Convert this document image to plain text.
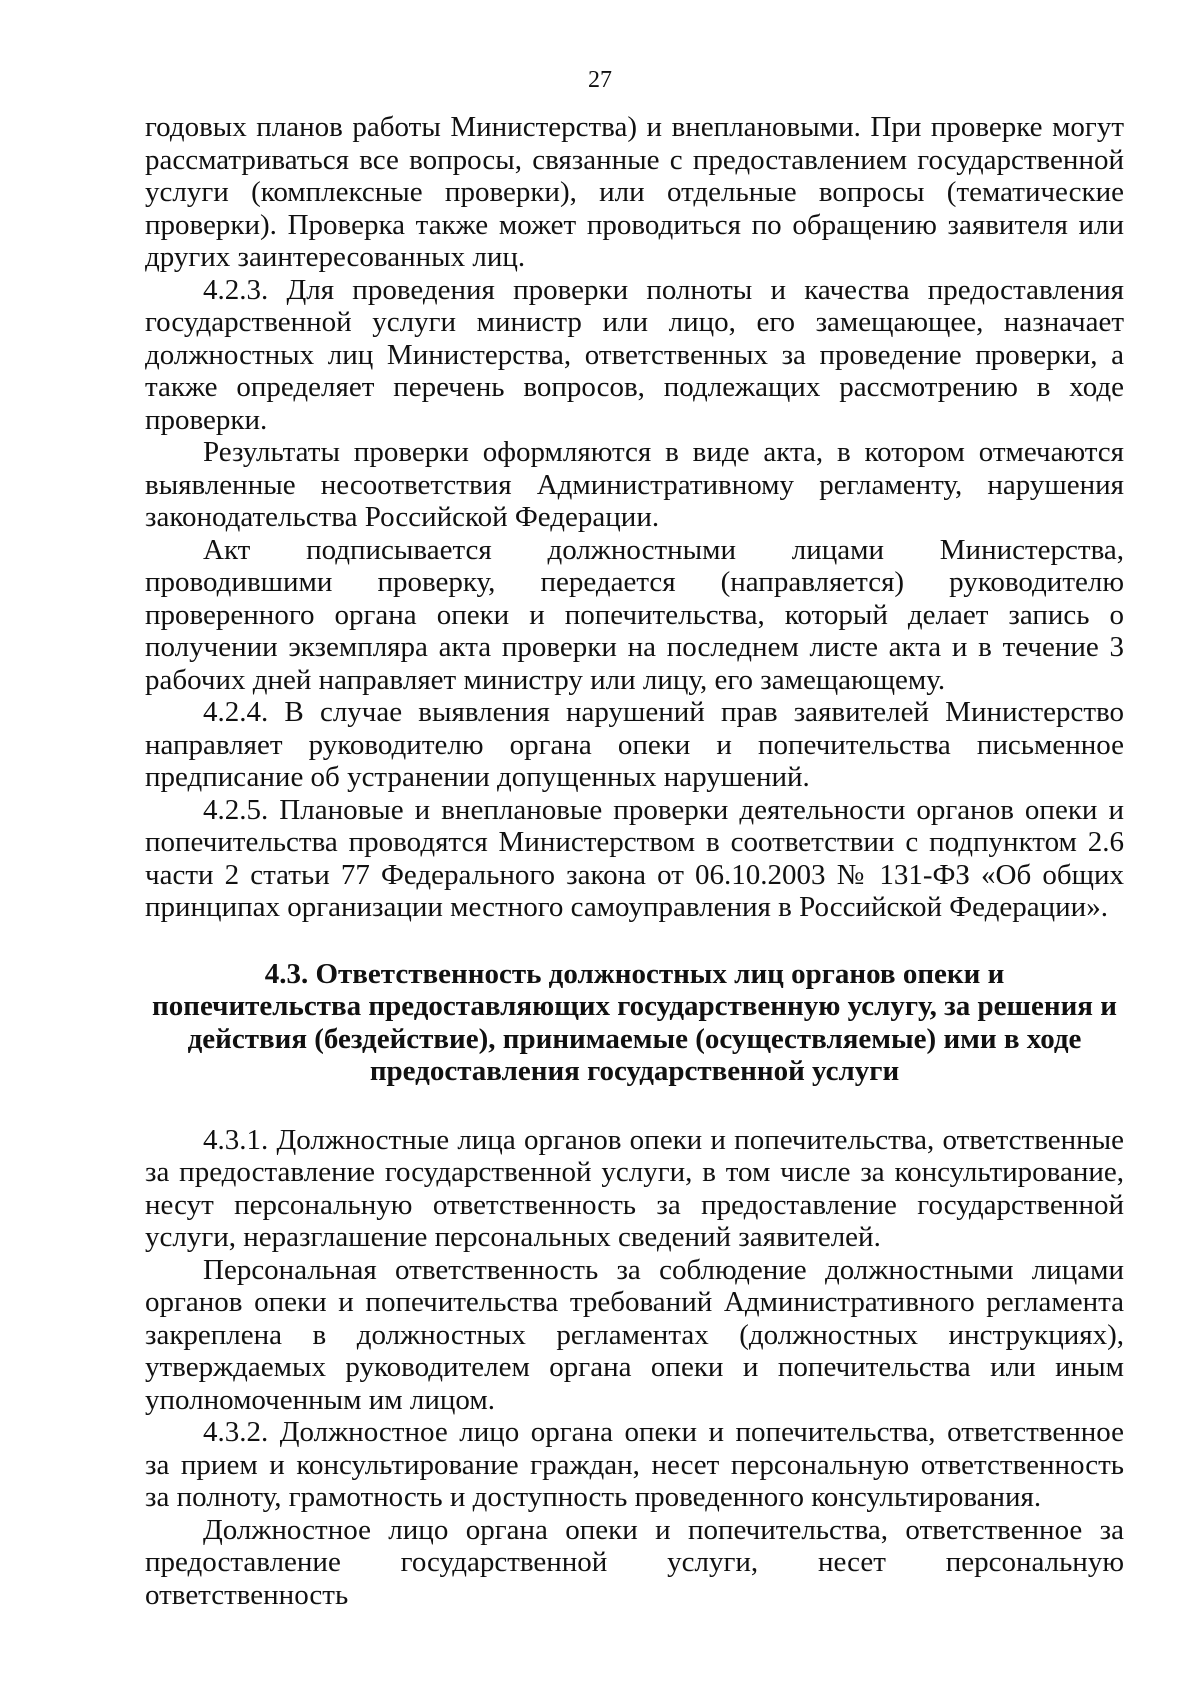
27

годовых планов работы Министерства) и внеплановыми. При проверке могут рассматриваться все вопросы, связанные с предоставлением государственной услуги (комплексные проверки), или отдельные вопросы (тематические проверки). Проверка также может проводиться по обращению заявителя или других заинтересованных лиц.

4.2.3. Для проведения проверки полноты и качества предоставления государственной услуги министр или лицо, его замещающее, назначает должностных лиц Министерства, ответственных за проведение проверки, а также определяет перечень вопросов, подлежащих рассмотрению в ходе проверки.

Результаты проверки оформляются в виде акта, в котором отмечаются выявленные несоответствия Административному регламенту, нарушения законодательства Российской Федерации.

Акт подписывается должностными лицами Министерства, проводившими проверку, передается (направляется) руководителю проверенного органа опеки и попечительства, который делает запись о получении экземпляра акта проверки на последнем листе акта и в течение 3 рабочих дней направляет министру или лицу, его замещающему.

4.2.4. В случае выявления нарушений прав заявителей Министерство направляет руководителю органа опеки и попечительства письменное предписание об устранении допущенных нарушений.

4.2.5. Плановые и внеплановые проверки деятельности органов опеки и попечительства проводятся Министерством в соответствии с подпунктом 2.6 части 2 статьи 77 Федерального закона от 06.10.2003 № 131-ФЗ «Об общих принципах организации местного самоуправления в Российской Федерации».

4.3. Ответственность должностных лиц органов опеки и
попечительства предоставляющих государственную услугу, за решения и
действия (бездействие), принимаемые (осуществляемые) ими в ходе
предоставления государственной услуги

4.3.1. Должностные лица органов опеки и попечительства, ответственные за предоставление государственной услуги, в том числе за консультирование, несут персональную ответственность за предоставление государственной услуги, неразглашение персональных сведений заявителей.

Персональная ответственность за соблюдение должностными лицами органов опеки и попечительства требований Административного регламента закреплена в должностных регламентах (должностных инструкциях), утверждаемых руководителем органа опеки и попечительства или иным уполномоченным им лицом.

4.3.2. Должностное лицо органа опеки и попечительства, ответственное за прием и консультирование граждан, несет персональную ответственность за полноту, грамотность и доступность проведенного консультирования.

Должностное лицо органа опеки и попечительства, ответственное за предоставление государственной услуги, несет персональную ответственность
